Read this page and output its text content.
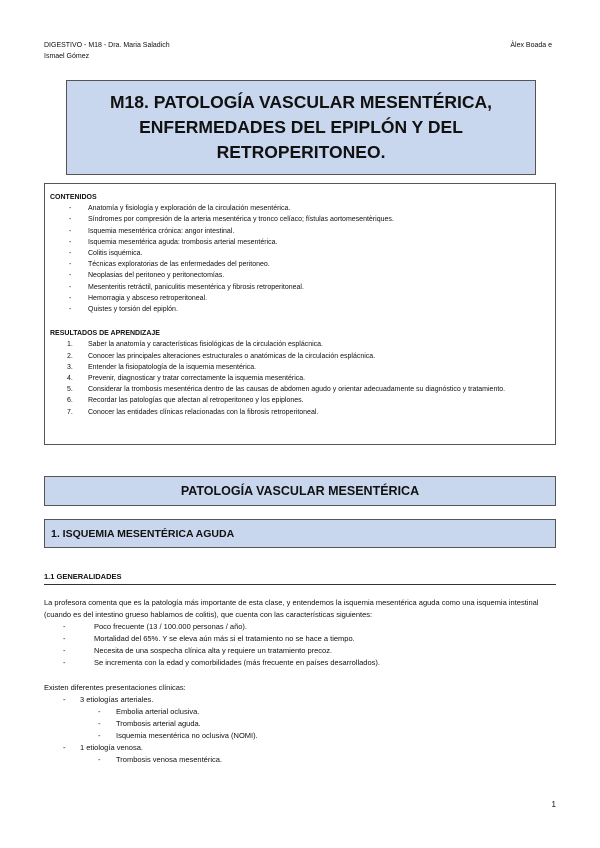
DIGESTIVO - M18 - Dra. Maria Saladich
Ismael Gómez
Àlex Boada e
M18. PATOLOGÍA VASCULAR MESENTÉRICA,
ENFERMEDADES DEL EPIPLÓN Y DEL
RETROPERITONEO.
CONTENIDOS
- Anatomía y fisiología y exploración de la circulación mesentérica.
- Síndromes por compresión de la arteria mesentérica y tronco celíaco; fístulas aortomesentèriques.
- Isquemia mesentérica crónica: angor intestinal.
- Isquemia mesentérica aguda: trombosis arterial mesentérica.
- Colitis isquémica.
- Técnicas exploratorias de las enfermedades del peritoneo.
- Neoplasias del peritoneo y peritonectomías.
- Mesenteritis retráctil, paniculitis mesentérica y fibrosis retroperitoneal.
- Hemorragia y absceso retroperitoneal.
- Quistes y torsión del epiplón.
RESULTADOS DE APRENDIZAJE
1. Saber la anatomía y características fisiológicas de la circulación esplácnica.
2. Conocer las principales alteraciones estructurales o anatómicas de la circulación esplácnica.
3. Entender la fisiopatología de la isquemia mesentérica.
4. Prevenir, diagnosticar y tratar correctamente la isquemia mesentérica.
5. Considerar la trombosis mesentérica dentro de las causas de abdomen agudo y orientar adecuadamente su diagnóstico y tratamiento.
6. Recordar las patologías que afectan al retroperitoneo y los epiplones.
7. Conocer las entidades clínicas relacionadas con la fibrosis retroperitoneal.
PATOLOGÍA VASCULAR MESENTÉRICA
1. ISQUEMIA MESENTÉRICA AGUDA
1.1 GENERALIDADES

La profesora comenta que es la patología más importante de esta clase, y entendemos la isquemia mesentérica aguda como una isquemia intestinal (cuando es del intestino grueso hablamos de colitis), que cuenta con las características siguientes:

-	Poco frecuente (13 / 100.000 personas / año).
-	Mortalidad del 65%. Y se eleva aún más si el tratamiento no se hace a tiempo.
-	Necesita de una sospecha clínica alta y requiere un tratamiento precoz.
-	Se incrementa con la edad y comorbilidades (más frecuente en países desarrollados).

Existen diferentes presentaciones clínicas:

- 3 etiologías arteriales.
- Embolia arterial oclusiva.
- Trombosis arterial aguda.
- Isquemia mesentérica no oclusiva (NOMI).
- 1 etiología venosa.
- Trombosis venosa mesentérica.
1
